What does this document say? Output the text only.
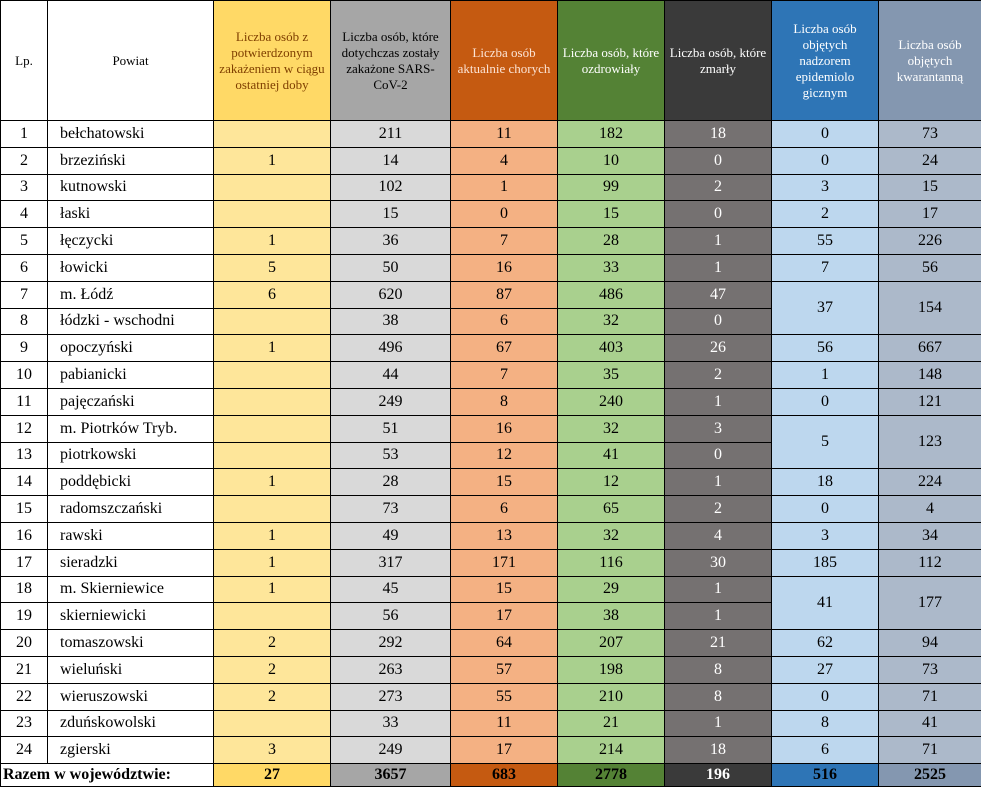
Lp.	Powiat	Liczba osób z potwierdzonym zakażeniem w ciągu ostatniej doby	Liczba osób, które dotychczas zostały zakażone SARS-CoV-2	Liczba osób aktualnie chorych	Liczba osób, które ozdrowiały	Liczba osób, które zmarły	Liczba osób objętych nadzorem epidemiolo gicznym	Liczba osób objętych kwarantanną
1	bełchatowski		211	11	182	18	0	73
2	brzeziński	1	14	4	10	0	0	24
3	kutnowski		102	1	99	2	3	15
4	łaski		15	0	15	0	2	17
5	łęczycki	1	36	7	28	1	55	226
6	łowicki	5	50	16	33	1	7	56
7	m. Łódź	6	620	87	486	47	37	154
8	łódzki - wschodni		38	6	32	0		
9	opoczyński	1	496	67	403	26	56	667
10	pabianicki		44	7	35	2	1	148
11	pajęczański		249	8	240	1	0	121
12	m. Piotrków Tryb.		51	16	32	3	5	123
13	piotrkowski		53	12	41	0		
14	poddębicki	1	28	15	12	1	18	224
15	radomszczański		73	6	65	2	0	4
16	rawski	1	49	13	32	4	3	34
17	sieradzki	1	317	171	116	30	185	112
18	m. Skierniewice	1	45	15	29	1	41	177
19	skierniewicki		56	17	38	1		
20	tomaszowski	2	292	64	207	21	62	94
21	wieluński	2	263	57	198	8	27	73
22	wieruszowski	2	273	55	210	8	0	71
23	zduńskowolski		33	11	21	1	8	41
24	zgierski	3	249	17	214	18	6	71
Razem w województwie:		27	3657	683	2778	196	516	2525
